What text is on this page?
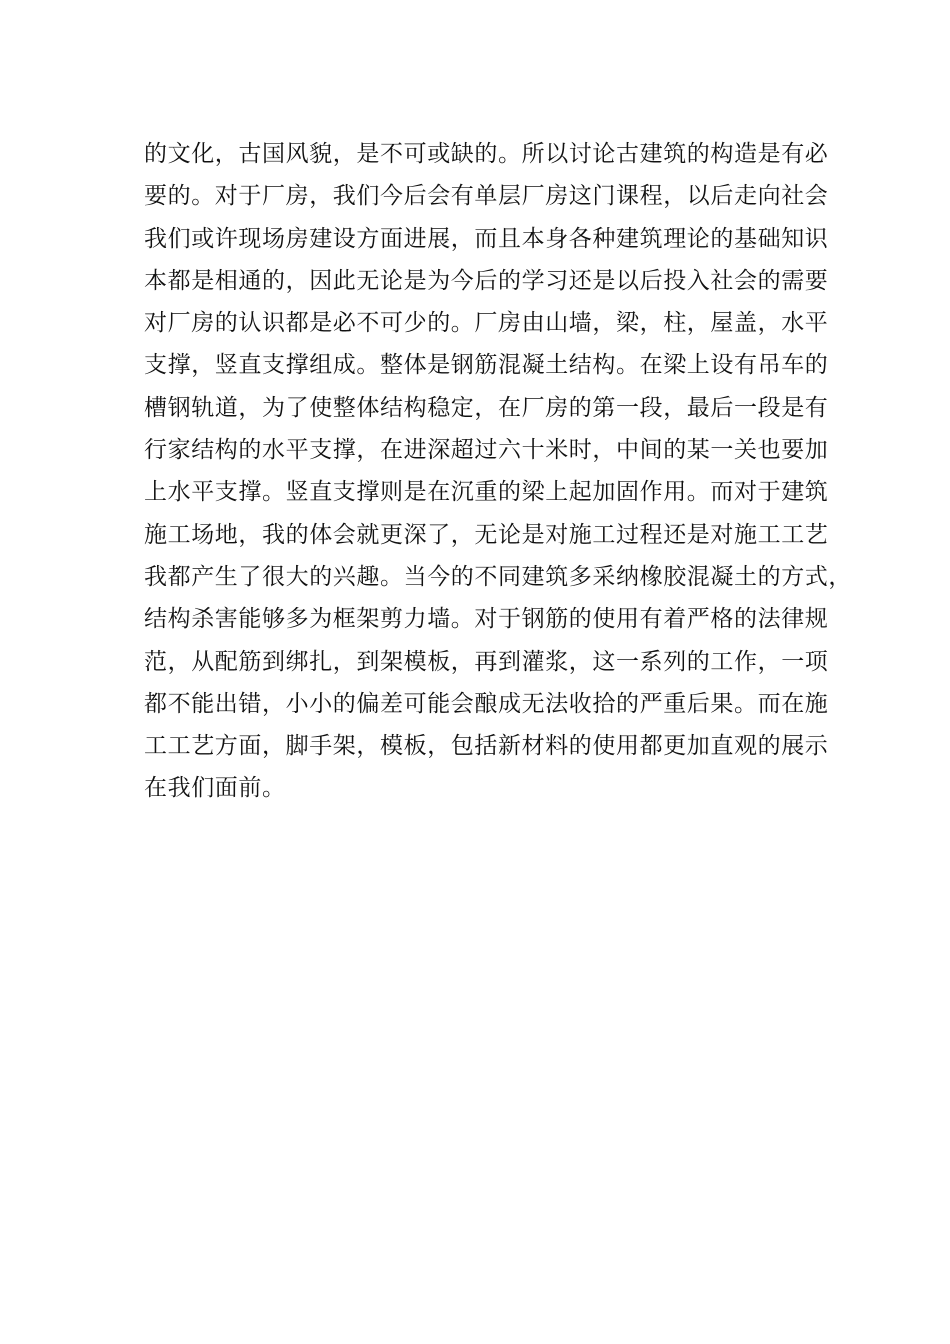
的文化，古国风貌，是不可或缺的。所以讨论古建筑的构造是有必
要的。对于厂房，我们今后会有单层厂房这门课程，以后走向社会
我们或许现场房建设方面进展，而且本身各种建筑理论的基础知识
本都是相通的，因此无论是为今后的学习还是以后投入社会的需要
对厂房的认识都是必不可少的。厂房由山墙，梁，柱，屋盖，水平
支撑，竖直支撑组成。整体是钢筋混凝土结构。在梁上设有吊车的
槽钢轨道，为了使整体结构稳定，在厂房的第一段，最后一段是有
行家结构的水平支撑，在进深超过六十米时，中间的某一关也要加
上水平支撑。竖直支撑则是在沉重的梁上起加固作用。而对于建筑
施工场地，我的体会就更深了，无论是对施工过程还是对施工工艺
我都产生了很大的兴趣。当今的不同建筑多采纳橡胶混凝土的方式，
结构杀害能够多为框架剪力墙。对于钢筋的使用有着严格的法律规
范，从配筋到绑扎，到架模板，再到灌浆，这一系列的工作，一项
都不能出错，小小的偏差可能会酿成无法收拾的严重后果。而在施
工工艺方面，脚手架，模板，包括新材料的使用都更加直观的展示
在我们面前。
